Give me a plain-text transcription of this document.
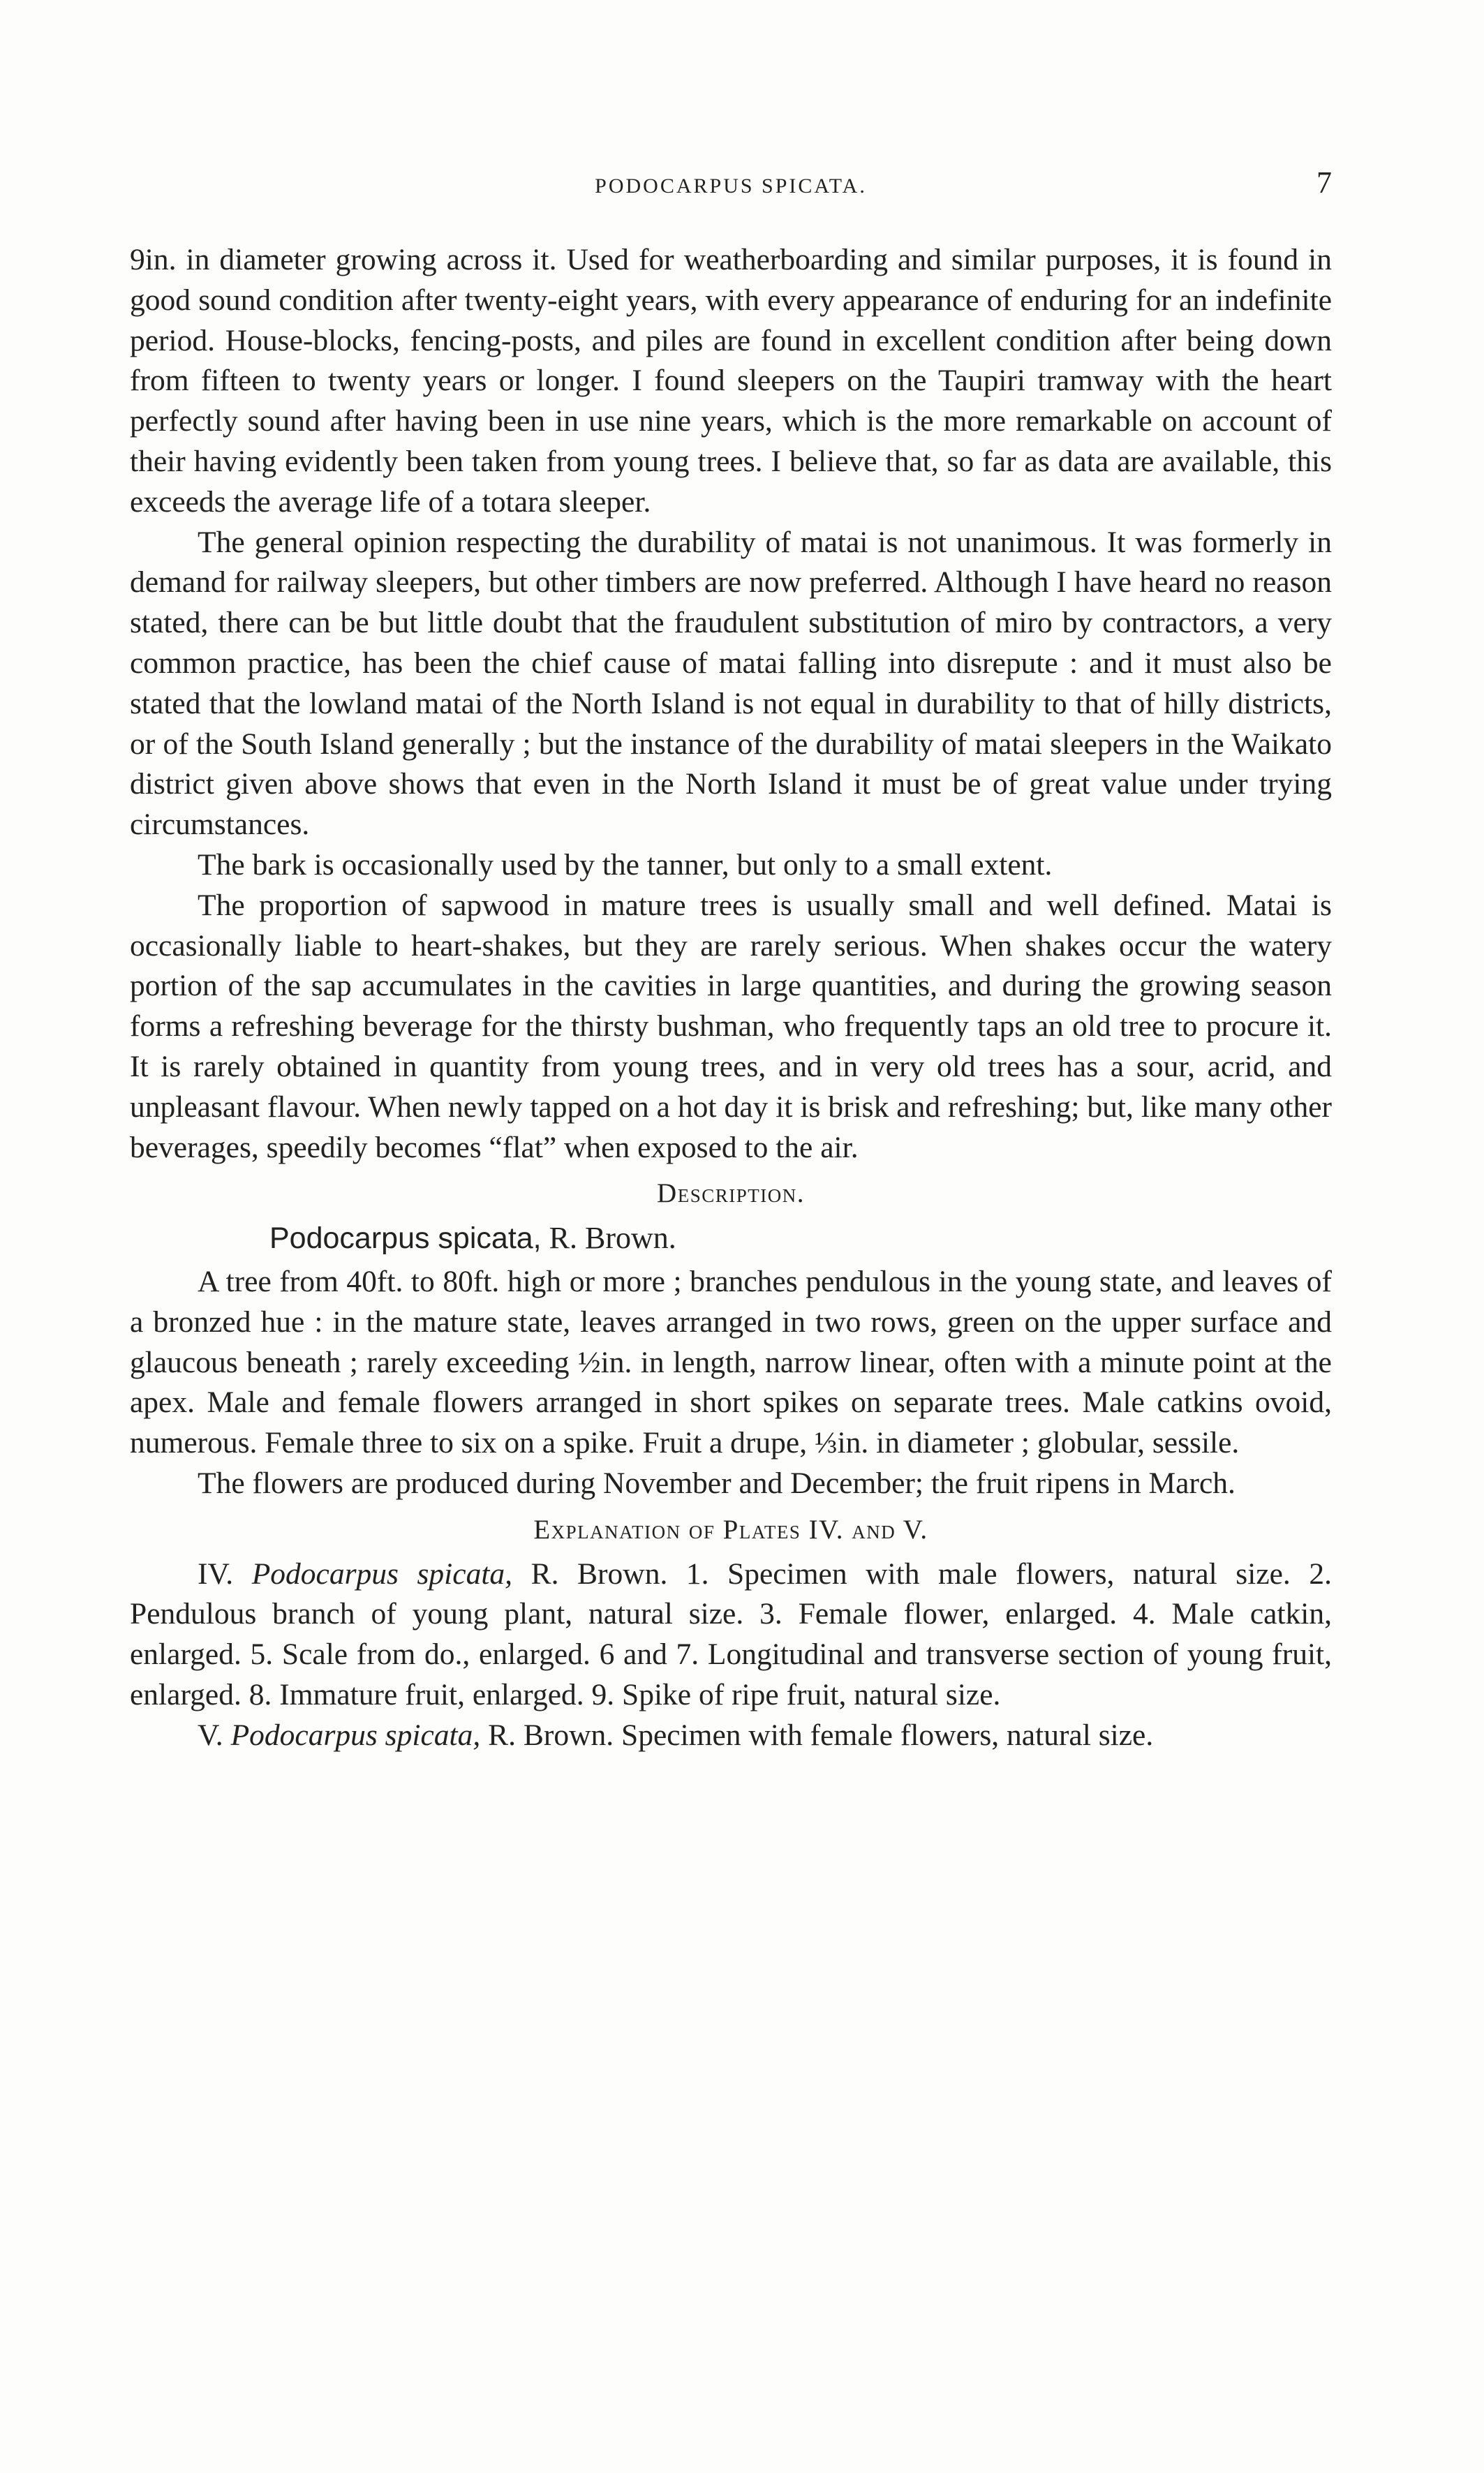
PODOCARPUS SPICATA.	7

9in. in diameter growing across it. Used for weatherboarding and similar purposes, it is found in good sound condition after twenty-eight years, with every appearance of enduring for an indefinite period. House-blocks, fencing-posts, and piles are found in excellent condition after being down from fifteen to twenty years or longer. I found sleepers on the Taupiri tramway with the heart perfectly sound after having been in use nine years, which is the more remarkable on account of their having evidently been taken from young trees. I believe that, so far as data are available, this exceeds the average life of a totara sleeper.

The general opinion respecting the durability of matai is not unanimous. It was formerly in demand for railway sleepers, but other timbers are now preferred. Although I have heard no reason stated, there can be but little doubt that the fraudulent substitution of miro by contractors, a very common practice, has been the chief cause of matai falling into disrepute : and it must also be stated that the lowland matai of the North Island is not equal in durability to that of hilly districts, or of the South Island generally ; but the instance of the durability of matai sleepers in the Waikato district given above shows that even in the North Island it must be of great value under trying circumstances.

The bark is occasionally used by the tanner, but only to a small extent.

The proportion of sapwood in mature trees is usually small and well defined. Matai is occasionally liable to heart-shakes, but they are rarely serious. When shakes occur the watery portion of the sap accumulates in the cavities in large quantities, and during the growing season forms a refreshing beverage for the thirsty bushman, who frequently taps an old tree to procure it. It is rarely obtained in quantity from young trees, and in very old trees has a sour, acrid, and unpleasant flavour. When newly tapped on a hot day it is brisk and refreshing; but, like many other beverages, speedily becomes “flat” when exposed to the air.

Description.
Podocarpus spicata, R. Brown.

A tree from 40ft. to 80ft. high or more ; branches pendulous in the young state, and leaves of a bronzed hue : in the mature state, leaves arranged in two rows, green on the upper surface and glaucous beneath ; rarely exceeding ½in. in length, narrow linear, often with a minute point at the apex. Male and female flowers arranged in short spikes on separate trees. Male catkins ovoid, numerous. Female three to six on a spike. Fruit a drupe, ⅓in. in diameter ; globular, sessile.

The flowers are produced during November and December; the fruit ripens in March.

Explanation of Plates IV. and V.

IV. Podocarpus spicata, R. Brown. 1. Specimen with male flowers, natural size. 2. Pendulous branch of young plant, natural size. 3. Female flower, enlarged. 4. Male catkin, enlarged. 5. Scale from do., enlarged. 6 and 7. Longitudinal and transverse section of young fruit, enlarged. 8. Immature fruit, enlarged. 9. Spike of ripe fruit, natural size.

V. Podocarpus spicata, R. Brown. Specimen with female flowers, natural size.
